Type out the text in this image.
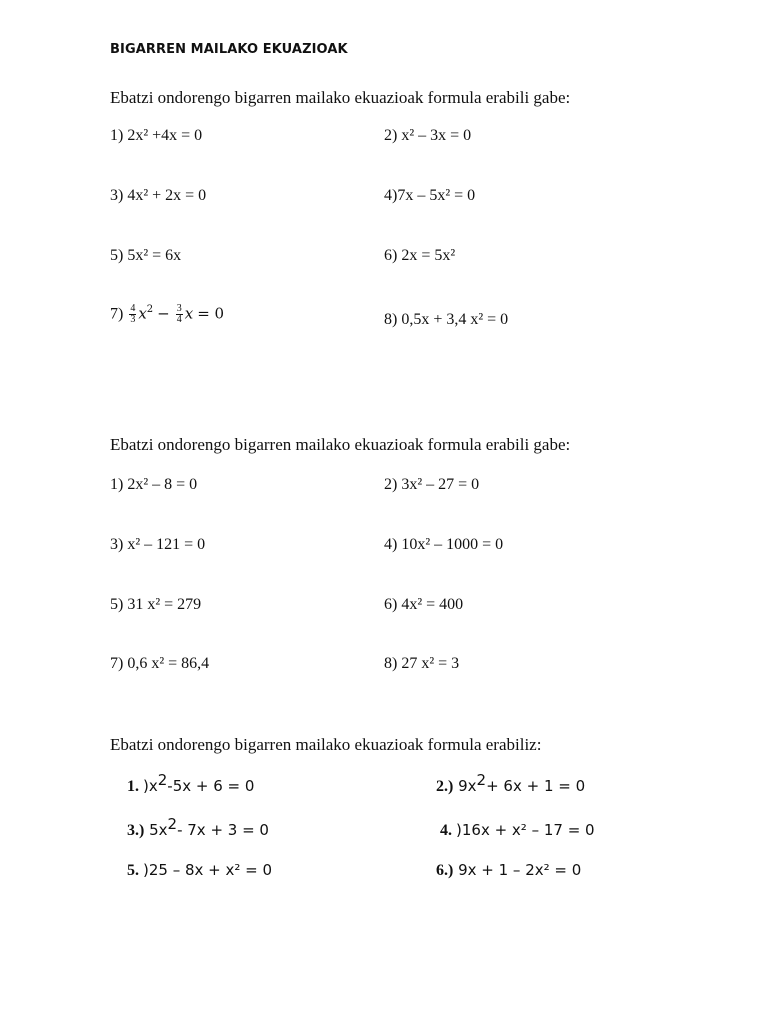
BIGARREN MAILAKO EKUAZIOAK
Ebatzi ondorengo bigarren mailako ekuazioak formula erabili gabe:
1) 2x² +4x = 0	2) x² – 3x = 0
3) 4x² + 2x = 0	4)7x – 5x² = 0
5) 5x² = 6x	6) 2x = 5x²
$7) \frac{4}{3} x^2 - \frac{3}{4}$ x = 0	8) 0,5x + 3,4 x² = 0
Ebatzi ondorengo bigarren mailako ekuazioak formula erabili gabe:
1) 2x² – 8 = 0	2) 3x² – 27 = 0
3) x² – 121 = 0	4) 10x² – 1000 = 0
5) 31 x² = 279	6) 4x² = 400
7) 0,6 x² = 86,4	8) 27 x² = 3
Ebatzi ondorengo bigarren mailako ekuazioak formula erabiliz:
1. )x2-5x + 6 = 0	2.) 9x2+ 6x + 1 = 0
3.) 5x2- 7x + 3 = 0	4. )16x + x² – 17 = 0
5. )25 – 8x + x² = 0	6.) 9x + 1 – 2x² = 0
